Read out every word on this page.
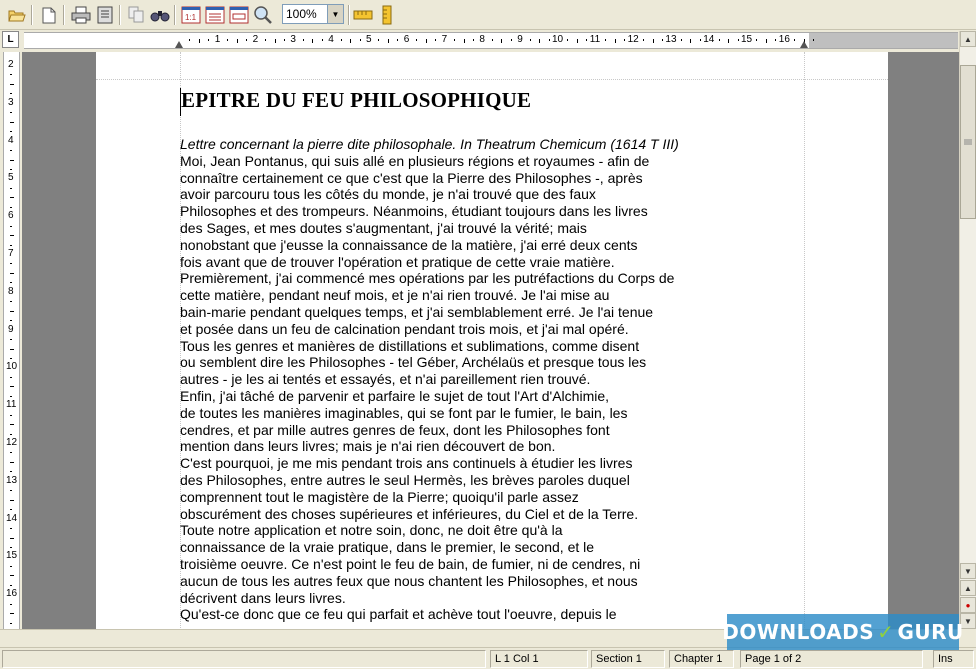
1:1	100%	▼
L	1	2	3	4	5	6	7	8	9	10	11	12	13	14	15	16
2
3
4
5
6
7
8
9
10
11
12
13
14
15
16
EPITRE DU FEU PHILOSOPHIQUE
Lettre concernant la pierre dite philosophale. In Theatrum Chemicum (1614 T III)
Moi, Jean Pontanus, qui suis allé en plusieurs régions et royaumes - afin de
connaître certainement ce que c'est que la Pierre des Philosophes -, après
avoir parcouru tous les côtés du monde, je n'ai trouvé que des faux
Philosophes et des trompeurs. Néanmoins, étudiant toujours dans les livres
des Sages, et mes doutes s'augmentant, j'ai trouvé la vérité; mais
nonobstant que j'eusse la connaissance de la matière, j'ai erré deux cents
fois avant que de trouver l'opération et pratique de cette vraie matière.
Premièrement, j'ai commencé mes opérations par les putréfactions du Corps de
cette matière, pendant neuf mois, et je n'ai rien trouvé. Je l'ai mise au
bain-marie pendant quelques temps, et j'ai semblablement erré. Je l'ai tenue
et posée dans un feu de calcination pendant trois mois, et j'ai mal opéré.
Tous les genres et manières de distillations et sublimations, comme disent
ou semblent dire les Philosophes - tel Géber, Archélaüs et presque tous les
autres - je les ai tentés et essayés, et n'ai pareillement rien trouvé.
Enfin, j'ai tâché de parvenir et parfaire le sujet de tout l'Art d'Alchimie,
de toutes les manières imaginables, qui se font par le fumier, le bain, les
cendres, et par mille autres genres de feux, dont les Philosophes font
mention dans leurs livres; mais je n'ai rien découvert de bon.
C'est pourquoi, je me mis pendant trois ans continuels à étudier les livres
des Philosophes, entre autres le seul Hermès, les brèves paroles duquel
comprennent tout le magistère de la Pierre; quoiqu'il parle assez
obscurément des choses supérieures et inférieures, du Ciel et de la Terre.
Toute notre application et notre soin, donc, ne doit être qu'à la
connaissance de la vraie pratique, dans le premier, le second, et le
troisième oeuvre. Ce n'est point le feu de bain, de fumier, ni de cendres, ni
aucun de tous les autres feux que nous chantent les Philosophes, et nous
décrivent dans leurs livres.
Qu'est-ce donc que ce feu qui parfait et achève tout l'oeuvre, depuis le
▲
▼
▲
●
▼
L 1 Col 1	Section 1	Chapter 1	Page 1 of 2	Ins
DOWNLOADS ✓ GURU
